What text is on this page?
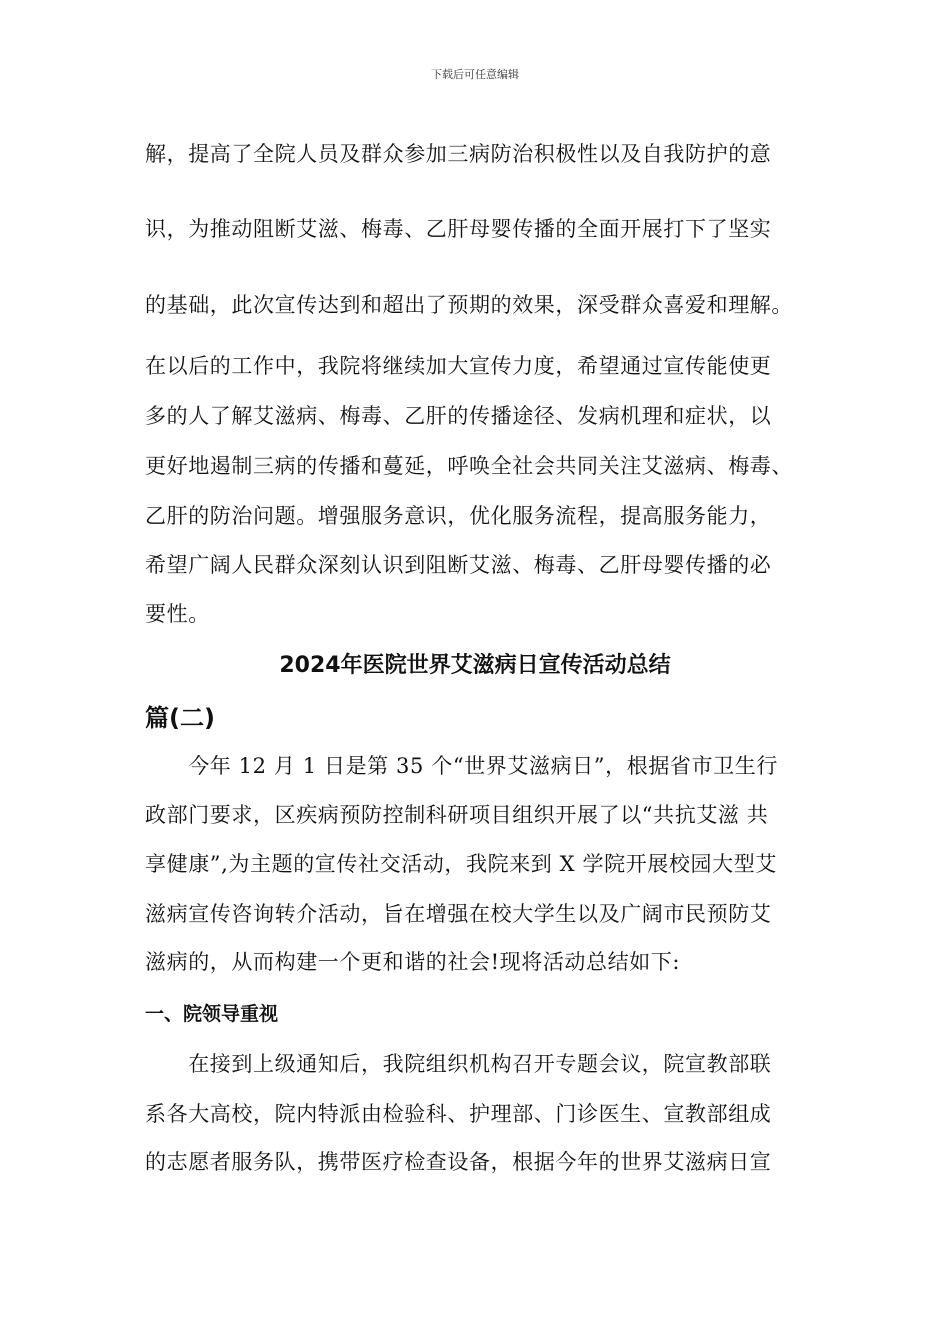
下载后可任意编辑
解，提高了全院人员及群众参加三病防治积极性以及自我防护的意
识，为推动阻断艾滋、梅毒、乙肝母婴传播的全面开展打下了坚实
的基础，此次宣传达到和超出了预期的效果，深受群众喜爱和理解。
在以后的工作中，我院将继续加大宣传力度，希望通过宣传能使更
多的人了解艾滋病、梅毒、乙肝的传播途径、发病机理和症状，以
更好地遏制三病的传播和蔓延，呼唤全社会共同关注艾滋病、梅毒、
乙肝的防治问题。增强服务意识，优化服务流程，提高服务能力，
希望广阔人民群众深刻认识到阻断艾滋、梅毒、乙肝母婴传播的必
要性。
2024年医院世界艾滋病日宣传活动总结
篇(二)
　　今年 12 月 1 日是第 35 个“世界艾滋病日”，根据省市卫生行
政部门要求，区疾病预防控制科研项目组织开展了以“共抗艾滋 共
享健康”,为主题的宣传社交活动，我院来到 X 学院开展校园大型艾
滋病宣传咨询转介活动，旨在增强在校大学生以及广阔市民预防艾
滋病的，从而构建一个更和谐的社会!现将活动总结如下:
一、院领导重视
　　在接到上级通知后，我院组织机构召开专题会议，院宣教部联
系各大高校，院内特派由检验科、护理部、门诊医生、宣教部组成
的志愿者服务队，携带医疗检查设备，根据今年的世界艾滋病日宣
